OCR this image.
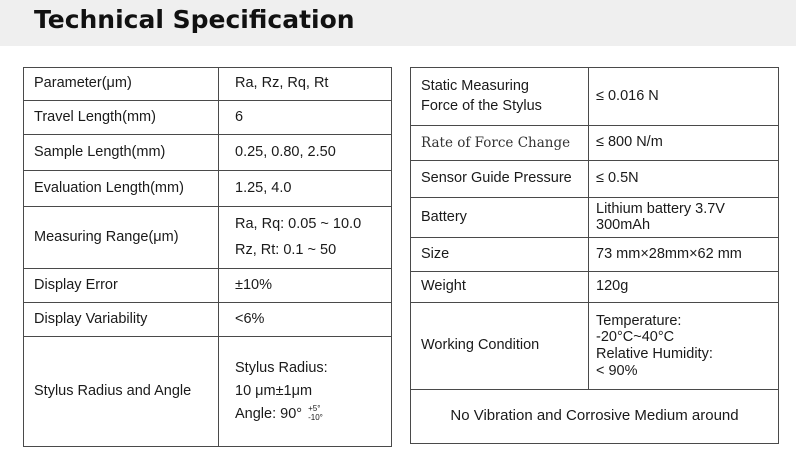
Technical Specification
Parameter(μm)	Ra, Rz, Rq, Rt
Travel Length(mm)	6
Sample Length(mm)	0.25, 0.80, 2.50
Evaluation Length(mm)	1.25, 4.0
Measuring Range(μm)	Ra, Rq: 0.05 ~ 10.0
Rz, Rt: 0.1 ~ 50

Display Error	±10%
Display Variability	<6%
Stylus Radius and Angle	Stylus Radius:
10 μm±1μm
Angle: 90° +5°
-10°
Static Measuring
Force of the Stylus	≤ 0.016 N
Rate of Force Change	≤ 800 N/m
Sensor Guide Pressure	≤ 0.5N
Battery	Lithium battery 3.7V
300mAh

Size	73 mm×28mm×62 mm
Weight	120g
Working Condition	Temperature:
-20°C~40°C
Relative Humidity:
< 90%

No Vibration and Corrosive Medium around	
